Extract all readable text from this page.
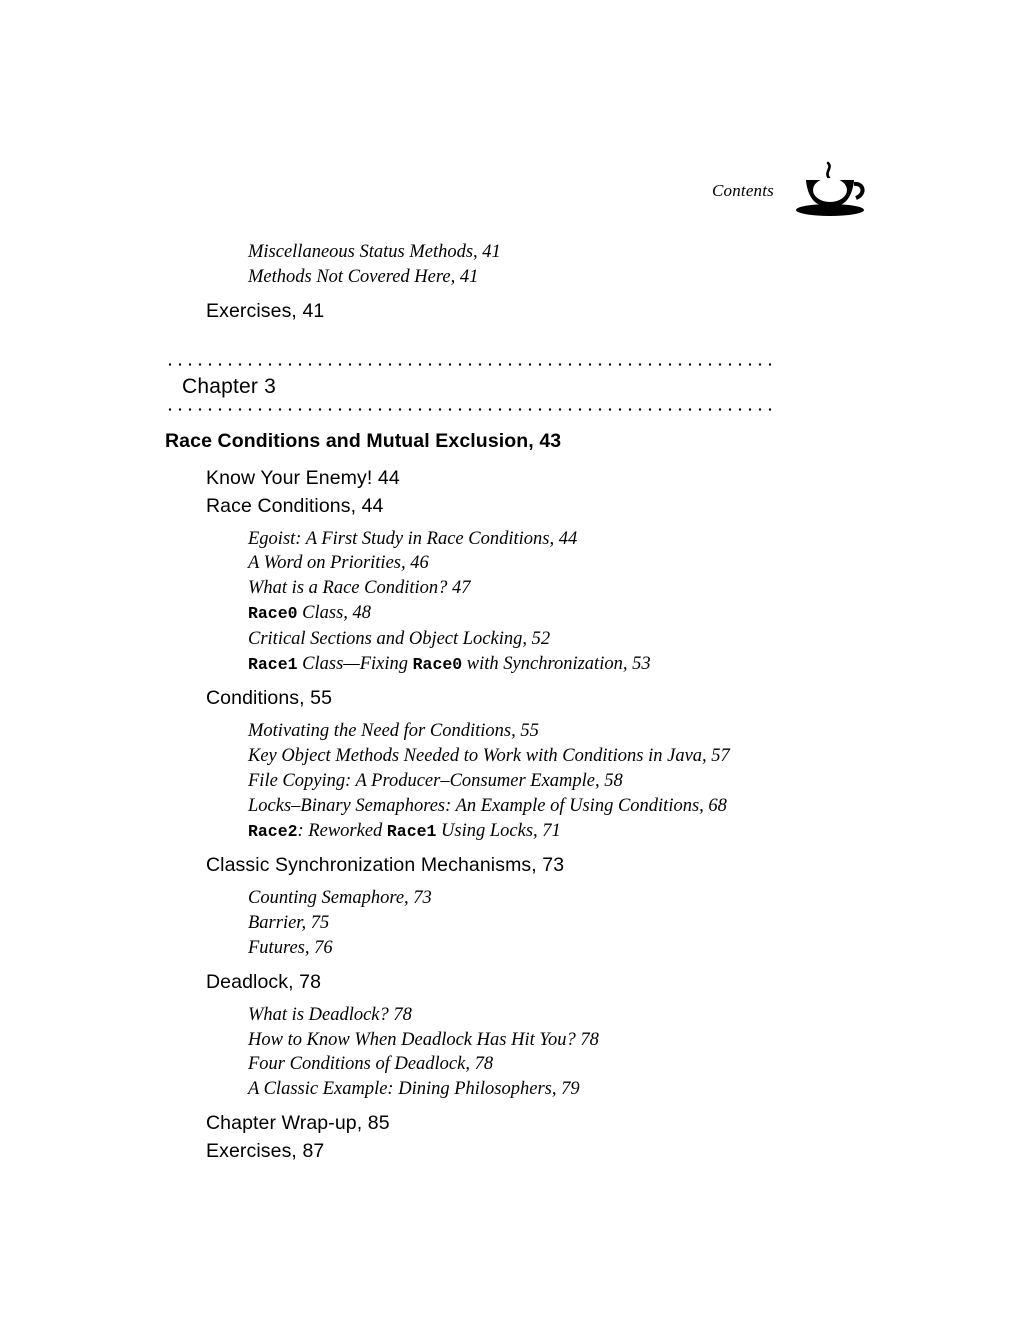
Contents	vii
Miscellaneous Status Methods, 41
Methods Not Covered Here, 41
Exercises, 41
Chapter 3
Race Conditions and Mutual Exclusion, 43
Know Your Enemy! 44
Race Conditions, 44
Egoist: A First Study in Race Conditions, 44
A Word on Priorities, 46
What is a Race Condition? 47
Race0 Class, 48
Critical Sections and Object Locking, 52
Race1 Class—Fixing Race0 with Synchronization, 53
Conditions, 55
Motivating the Need for Conditions, 55
Key Object Methods Needed to Work with Conditions in Java, 57
File Copying: A Producer–Consumer Example, 58
Locks–Binary Semaphores: An Example of Using Conditions, 68
Race2: Reworked Race1 Using Locks, 71
Classic Synchronization Mechanisms, 73
Counting Semaphore, 73
Barrier, 75
Futures, 76
Deadlock, 78
What is Deadlock? 78
How to Know When Deadlock Has Hit You? 78
Four Conditions of Deadlock, 78
A Classic Example: Dining Philosophers, 79
Chapter Wrap-up, 85
Exercises, 87
